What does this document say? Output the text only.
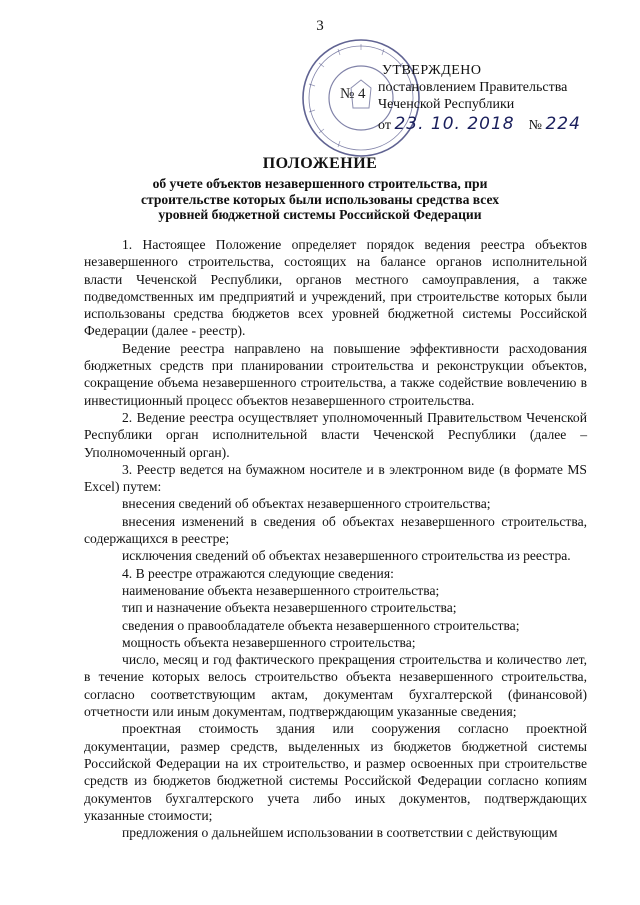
3
№ 4
УТВЕРЖДЕНО
постановлением Правительства
Чеченской Республики
от 23. 10. 2018 № 224
ПОЛОЖЕНИЕ
об учете объектов незавершенного строительства, при строительстве которых были использованы средства всех уровней бюджетной системы Российской Федерации

1. Настоящее Положение определяет порядок ведения реестра объектов незавершенного строительства, состоящих на балансе органов исполнительной власти Чеченской Республики, органов местного самоуправления, а также подведомственных им предприятий и учреждений, при строительстве которых были использованы средства бюджетов всех уровней бюджетной системы Российской Федерации (далее - реестр).

Ведение реестра направлено на повышение эффективности расходования бюджетных средств при планировании строительства и реконструкции объектов, сокращение объема незавершенного строительства, а также содействие вовлечению в инвестиционный процесс объектов незавершенного строительства.

2. Ведение реестра осуществляет уполномоченный Правительством Чеченской Республики орган исполнительной власти Чеченской Республики (далее – Уполномоченный орган).

3. Реестр ведется на бумажном носителе и в электронном виде (в формате MS Excel) путем:

внесения сведений об объектах незавершенного строительства;

внесения изменений в сведения об объектах незавершенного строительства, содержащихся в реестре;

исключения сведений об объектах незавершенного строительства из реестра.

4. В реестре отражаются следующие сведения:

наименование объекта незавершенного строительства;

тип и назначение объекта незавершенного строительства;

сведения о правообладателе объекта незавершенного строительства;

мощность объекта незавершенного строительства;

число, месяц и год фактического прекращения строительства и количество лет, в течение которых велось строительство объекта незавершенного строительства, согласно соответствующим актам, документам бухгалтерской (финансовой) отчетности или иным документам, подтверждающим указанные сведения;

проектная стоимость здания или сооружения согласно проектной документации, размер средств, выделенных из бюджетов бюджетной системы Российской Федерации на их строительство, и размер освоенных при строительстве средств из бюджетов бюджетной системы Российской Федерации согласно копиям документов бухгалтерского учета либо иных документов, подтверждающих указанные стоимости;

предложения о дальнейшем использовании в соответствии с действующим
